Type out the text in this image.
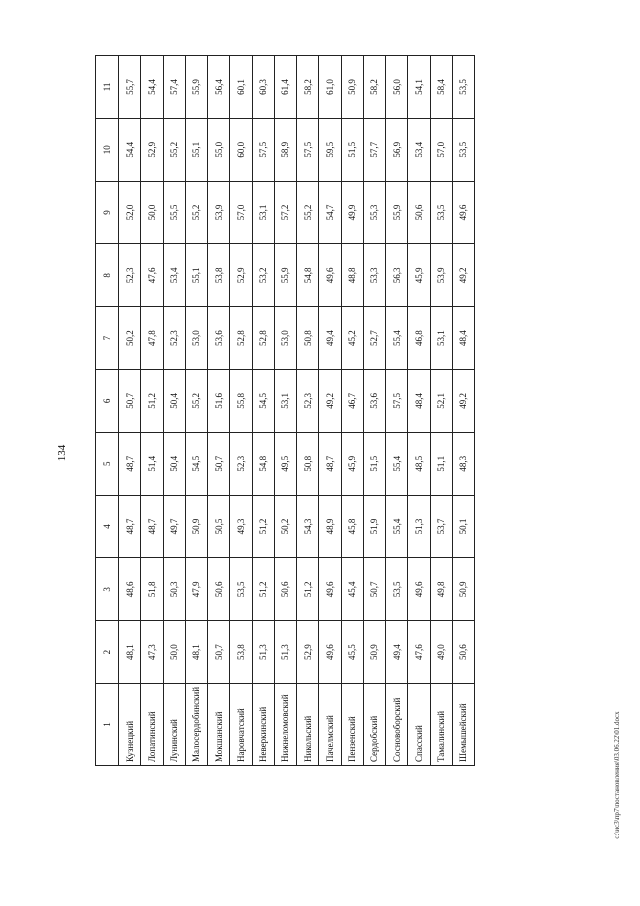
134
1	2	3	4	5	6	7	8	9	10	11
Кузнецкий	48,1	48,6	48,7	48,7	50,7	50,2	52,3	52,0	54,4	55,7
Лопатинский	47,3	51,8	48,7	51,4	51,2	47,8	47,6	50,0	52,9	54,4
Лунинский	50,0	50,3	49,7	50,4	50,4	52,3	53,4	55,5	55,2	57,4
Малосердобинский	48,1	47,9	50,9	54,5	55,2	53,0	55,1	55,2	55,1	55,9
Мокшанский	50,7	50,6	50,5	50,7	51,6	53,6	53,8	53,9	55,0	56,4
Наровчатский	53,8	53,5	49,3	52,3	55,8	52,8	52,9	57,0	60,0	60,1
Неверкинский	51,3	51,2	51,2	54,8	54,5	52,8	53,2	53,1	57,5	60,3
Нижнеломовский	51,3	50,6	50,2	49,5	53,1	53,0	55,9	57,2	58,9	61,4
Никольский	52,9	51,2	54,3	50,8	52,3	50,8	54,8	55,2	57,5	58,2
Пачелмский	49,6	49,6	48,9	48,7	49,2	49,4	49,6	54,7	59,5	61,0
Пензенский	45,5	45,4	45,8	45,9	46,7	45,2	48,8	49,9	51,5	50,9
Сердобский	50,9	50,7	51,9	51,5	53,6	52,7	53,3	55,3	57,7	58,2
Сосновоборский	49,4	53,5	55,4	55,4	57,5	55,4	56,3	55,9	56,9	56,0
Спасский	47,6	49,6	51,3	48,5	48,4	46,8	45,9	50,6	53,4	54,1
Тамалинский	49,0	49,8	53,7	51,1	52,1	53,1	53,9	53,5	57,0	58,4
Шемышейский	50,6	50,9	50,1	48,3	49,2	48,4	49,2	49,6	53,5	53,5
c:\ис3\пр7\постановления\03.06.22\01.docx
